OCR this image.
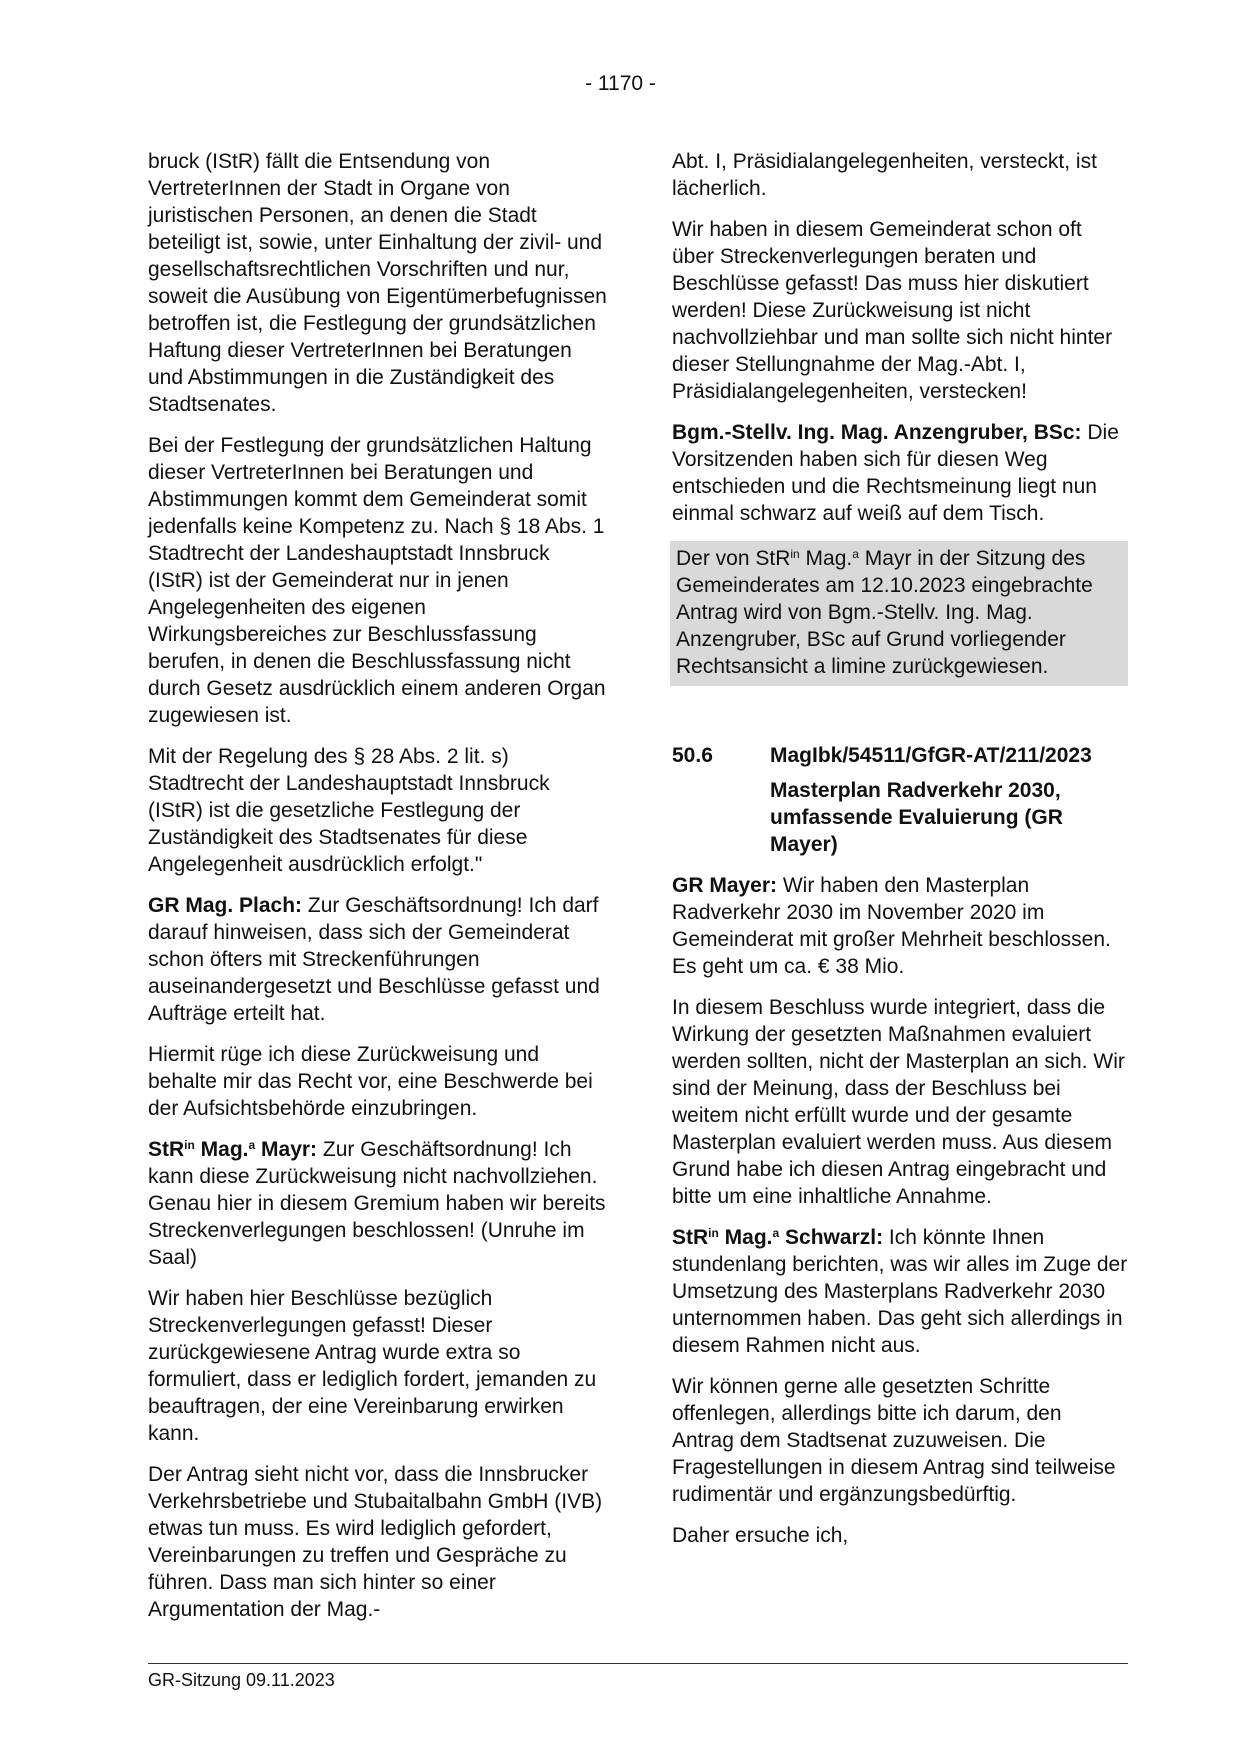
- 1170 -

bruck (IStR) fällt die Entsendung von VertreterInnen der Stadt in Organe von juristischen Personen, an denen die Stadt beteiligt ist, sowie, unter Einhaltung der zivil- und gesellschaftsrechtlichen Vorschriften und nur, soweit die Ausübung von Eigentümerbefugnissen betroffen ist, die Festlegung der grundsätzlichen Haftung dieser VertreterInnen bei Beratungen und Abstimmungen in die Zuständigkeit des Stadtsenates.

Bei der Festlegung der grundsätzlichen Haltung dieser VertreterInnen bei Beratungen und Abstimmungen kommt dem Gemeinderat somit jedenfalls keine Kompetenz zu. Nach § 18 Abs. 1 Stadtrecht der Landeshauptstadt Innsbruck (IStR) ist der Gemeinderat nur in jenen Angelegenheiten des eigenen Wirkungsbereiches zur Beschlussfassung berufen, in denen die Beschlussfassung nicht durch Gesetz ausdrücklich einem anderen Organ zugewiesen ist.

Mit der Regelung des § 28 Abs. 2 lit. s) Stadtrecht der Landeshauptstadt Innsbruck (IStR) ist die gesetzliche Festlegung der Zuständigkeit des Stadtsenates für diese Angelegenheit ausdrücklich erfolgt."

GR Mag. Plach: Zur Geschäftsordnung! Ich darf darauf hinweisen, dass sich der Gemeinderat schon öfters mit Streckenführungen auseinandergesetzt und Beschlüsse gefasst und Aufträge erteilt hat.

Hiermit rüge ich diese Zurückweisung und behalte mir das Recht vor, eine Beschwerde bei der Aufsichtsbehörde einzubringen.

StR$^{in}$ Mag.$^a$ Mayr: Zur Geschäftsordnung! Ich kann diese Zurückweisung nicht nachvollziehen. Genau hier in diesem Gremium haben wir bereits Streckenverlegungen beschlossen! (Unruhe im Saal)

Wir haben hier Beschlüsse bezüglich Streckenverlegungen gefasst! Dieser zurückgewiesene Antrag wurde extra so formuliert, dass er lediglich fordert, jemanden zu beauftragen, der eine Vereinbarung erwirken kann.

Der Antrag sieht nicht vor, dass die Innsbrucker Verkehrsbetriebe und Stubaitalbahn GmbH (IVB) etwas tun muss. Es wird lediglich gefordert, Vereinbarungen zu treffen und Gespräche zu führen. Dass man sich hinter so einer Argumentation der Mag.-

Abt. I, Präsidialangelegenheiten, versteckt, ist lächerlich.

Wir haben in diesem Gemeinderat schon oft über Streckenverlegungen beraten und Beschlüsse gefasst! Das muss hier diskutiert werden! Diese Zurückweisung ist nicht nachvollziehbar und man sollte sich nicht hinter dieser Stellungnahme der Mag.-Abt. I, Präsidialangelegenheiten, verstecken!

Bgm.-Stellv. Ing. Mag. Anzengruber, BSc: Die Vorsitzenden haben sich für diesen Weg entschieden und die Rechtsmeinung liegt nun einmal schwarz auf weiß auf dem Tisch.

Der von StR$^{in}$ Mag.$^a$ Mayr in der Sitzung des Gemeinderates am 12.10.2023 eingebrachte Antrag wird von Bgm.-Stellv. Ing. Mag. Anzengruber, BSc auf Grund vorliegender Rechtsansicht a limine zurückgewiesen.

50.6	MagIbk/54511/GfGR-AT/211/2023
Masterplan Radverkehr 2030, umfassende Evaluierung (GR Mayer)

GR Mayer: Wir haben den Masterplan Radverkehr 2030 im November 2020 im Gemeinderat mit großer Mehrheit beschlossen. Es geht um ca. € 38 Mio.

In diesem Beschluss wurde integriert, dass die Wirkung der gesetzten Maßnahmen evaluiert werden sollten, nicht der Masterplan an sich. Wir sind der Meinung, dass der Beschluss bei weitem nicht erfüllt wurde und der gesamte Masterplan evaluiert werden muss. Aus diesem Grund habe ich diesen Antrag eingebracht und bitte um eine inhaltliche Annahme.

StR$^{in}$ Mag.$^a$ Schwarzl: Ich könnte Ihnen stundenlang berichten, was wir alles im Zuge der Umsetzung des Masterplans Radverkehr 2030 unternommen haben. Das geht sich allerdings in diesem Rahmen nicht aus.

Wir können gerne alle gesetzten Schritte offenlegen, allerdings bitte ich darum, den Antrag dem Stadtsenat zuzuweisen. Die Fragestellungen in diesem Antrag sind teilweise rudimentär und ergänzungsbedürftig.

Daher ersuche ich,

GR-Sitzung 09.11.2023
